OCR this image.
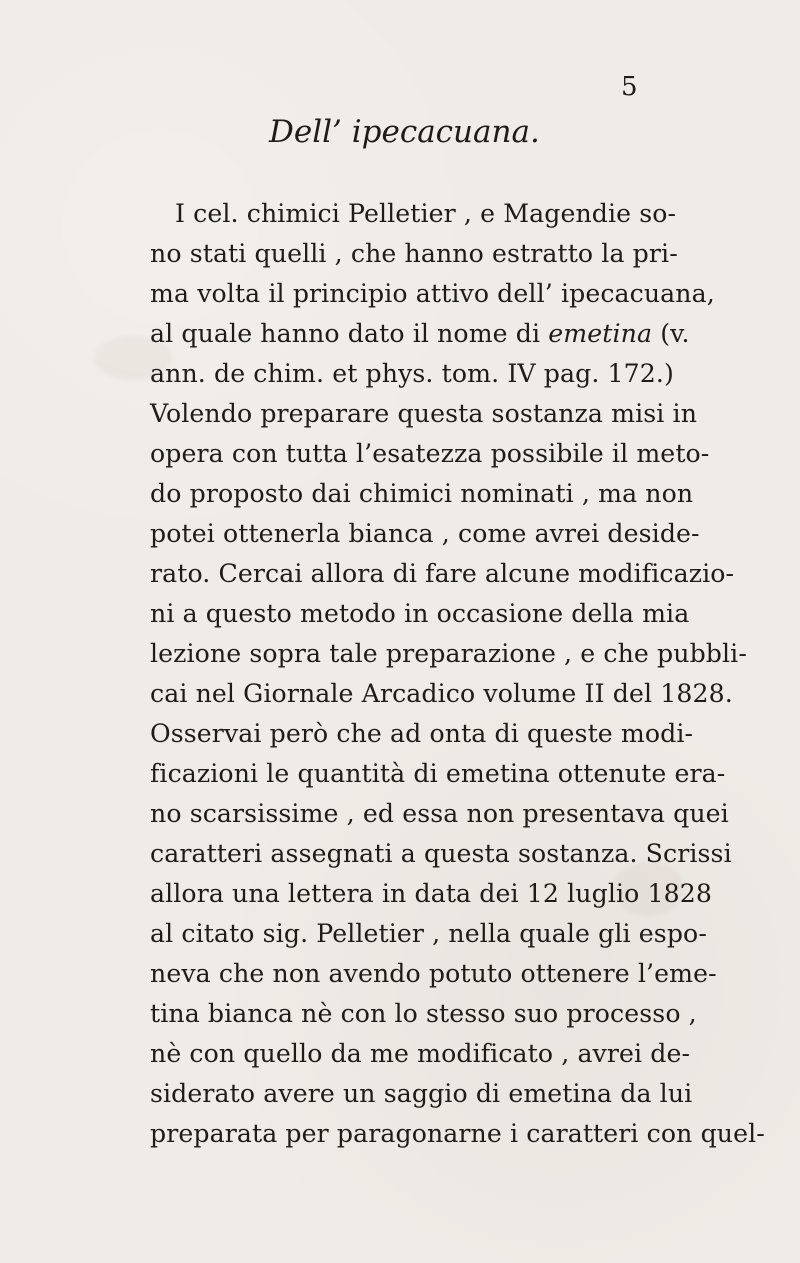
5
Dell’ ipecacuana.
I cel. chimici Pelletier , e Magendie so-
no stati quelli , che hanno estratto la pri-
ma volta il principio attivo dell’ ipecacuana,
al quale hanno dato il nome di emetina (v.
ann. de chim. et phys. tom. IV pag. 172.)
Volendo preparare questa sostanza misi in
opera con tutta l’esatezza possibile il meto-
do proposto dai chimici nominati , ma non
potei ottenerla bianca , come avrei deside-
rato. Cercai allora di fare alcune modificazio-
ni a questo metodo in occasione della mia
lezione sopra tale preparazione , e che pubbli-
cai nel Giornale Arcadico volume II del 1828.
Osservai però che ad onta di queste modi-
ficazioni le quantità di emetina ottenute era-
no scarsissime , ed essa non presentava quei
caratteri assegnati a questa sostanza. Scrissi
allora una lettera in data dei 12 luglio 1828
al citato sig. Pelletier , nella quale gli espo-
neva che non avendo potuto ottenere l’eme-
tina bianca nè con lo stesso suo processo ,
nè con quello da me modificato , avrei de-
siderato avere un saggio di emetina da lui
preparata per paragonarne i caratteri con quel-
